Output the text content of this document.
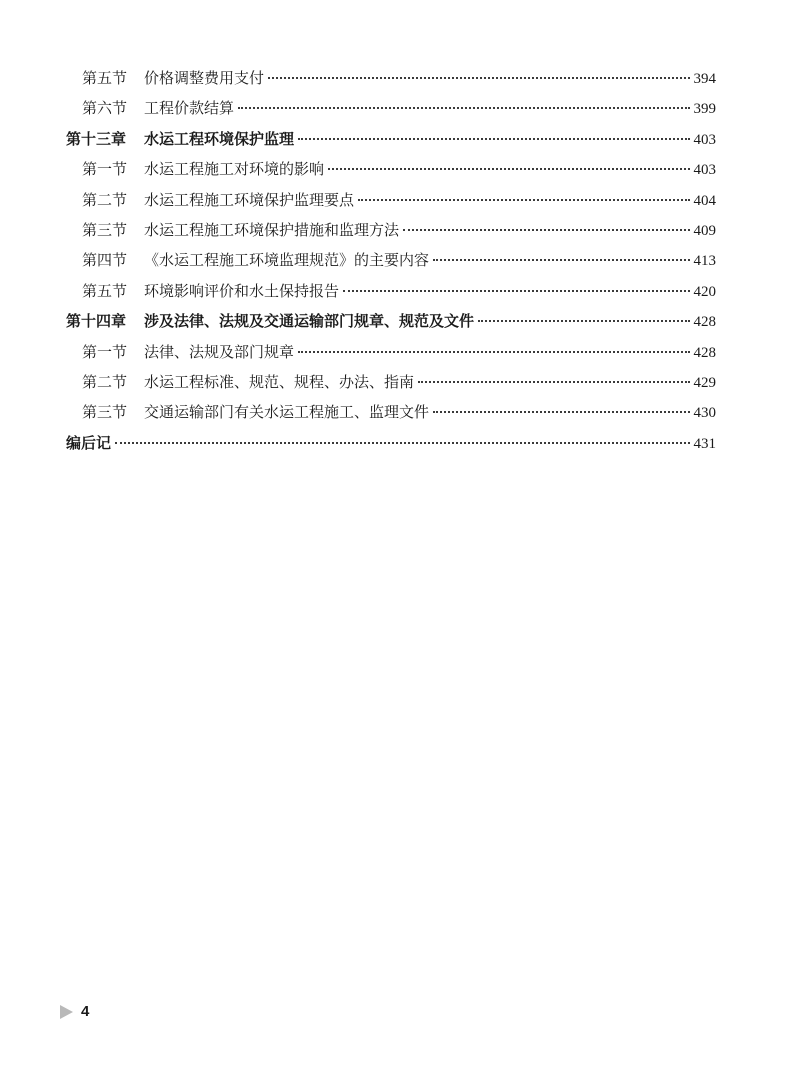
第五节	价格调整费用支付	394
第六节	工程价款结算	399
第十三章	水运工程环境保护监理	403
第一节	水运工程施工对环境的影响	403
第二节	水运工程施工环境保护监理要点	404
第三节	水运工程施工环境保护措施和监理方法	409
第四节	《水运工程施工环境监理规范》的主要内容	413
第五节	环境影响评价和水土保持报告	420
第十四章	涉及法律、法规及交通运输部门规章、规范及文件	428
第一节	法律、法规及部门规章	428
第二节	水运工程标准、规范、规程、办法、指南	429
第三节	交通运输部门有关水运工程施工、监理文件	430
编后记	431
4
